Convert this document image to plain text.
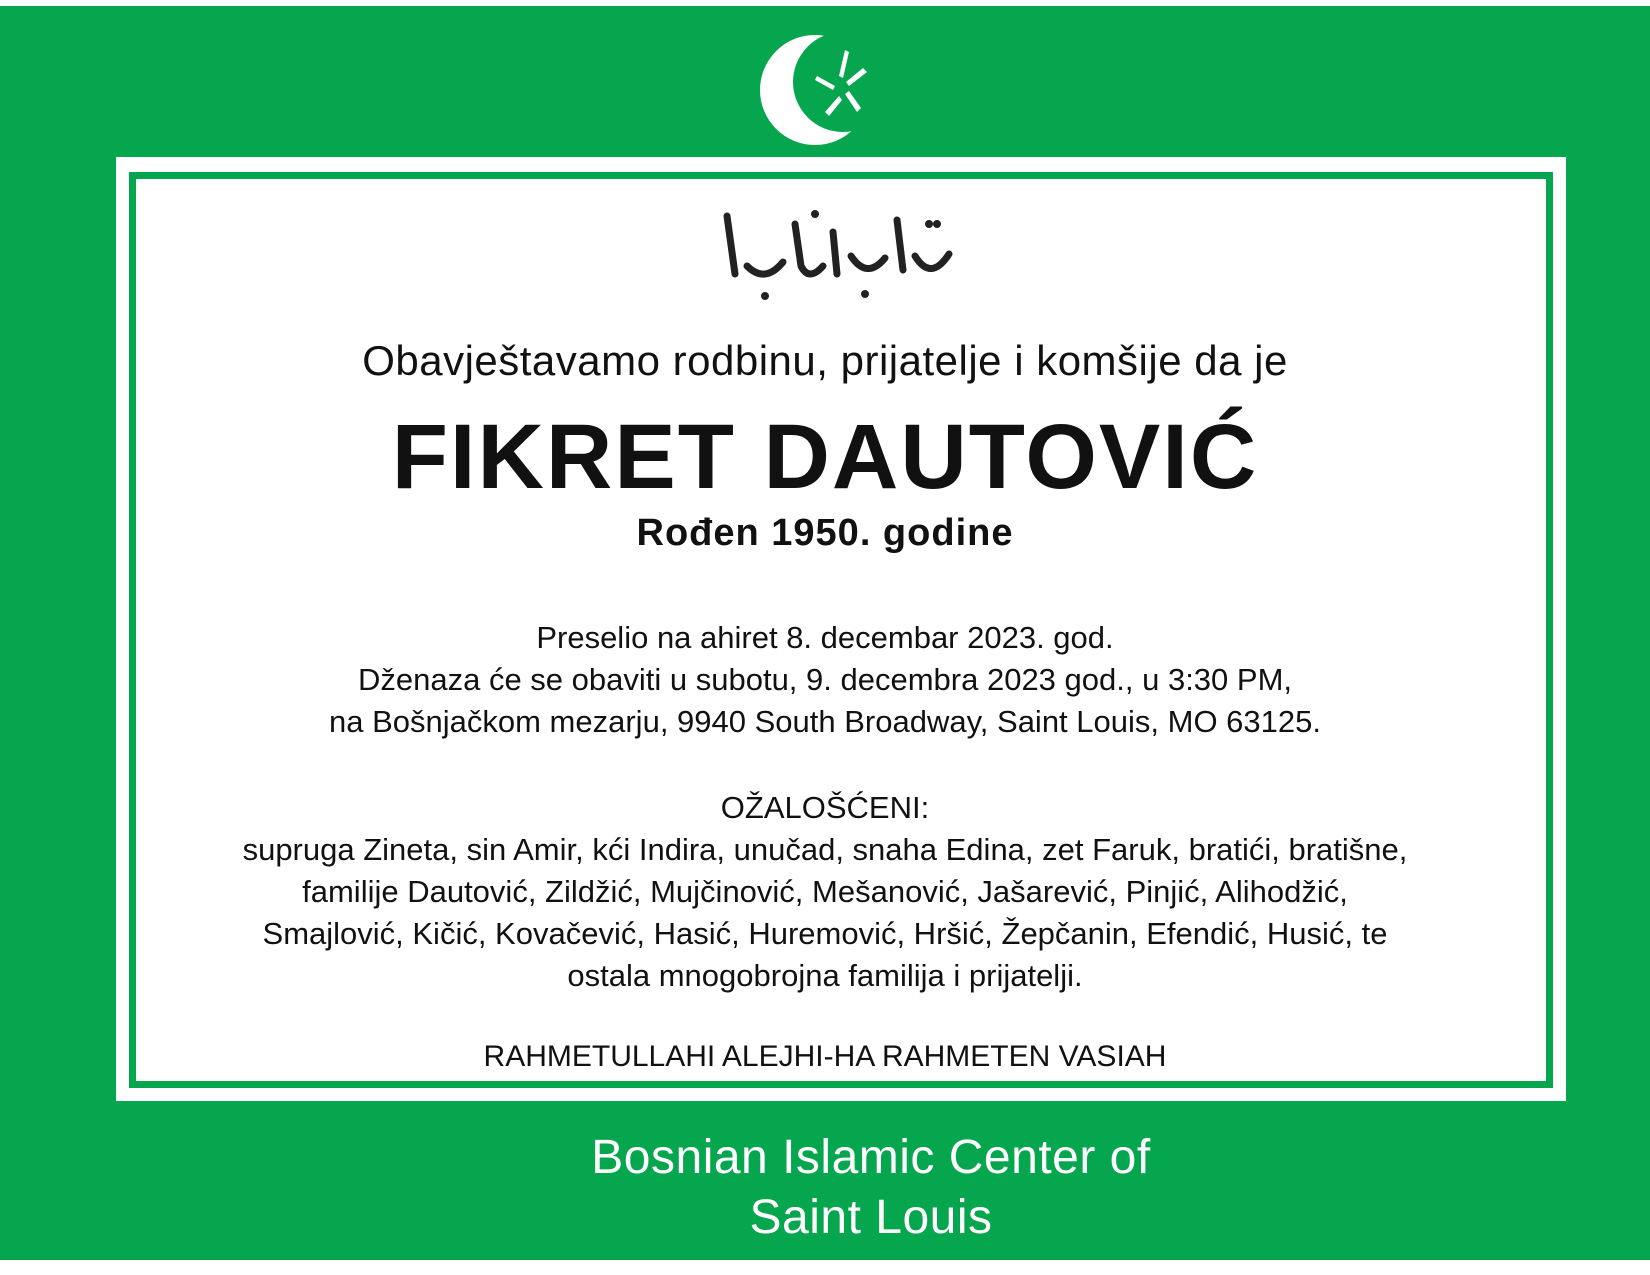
Obavještavamo rodbinu, prijatelje i komšije da je
FIKRET DAUTOVIĆ
Rođen 1950. godine
Preselio na ahiret 8. decembar 2023. god.
Dženaza će se obaviti u subotu, 9. decembra 2023 god., u 3:30 PM,
na Bošnjačkom mezarju, 9940 South Broadway, Saint Louis, MO 63125.
OŽALOŠĆENI:
supruga Zineta, sin Amir, kći Indira, unučad, snaha Edina, zet Faruk, bratići, bratišne,
familije Dautović, Zildžić, Mujčinović, Mešanović, Jašarević, Pinjić, Alihodžić,
Smajlović, Kičić, Kovačević, Hasić, Huremović, Hršić, Žepčanin, Efendić, Husić, te
ostala mnogobrojna familija i prijatelji.
RAHMETULLAHI ALEJHI-HA RAHMETEN VASIAH
Bosnian Islamic Center of
Saint Louis
